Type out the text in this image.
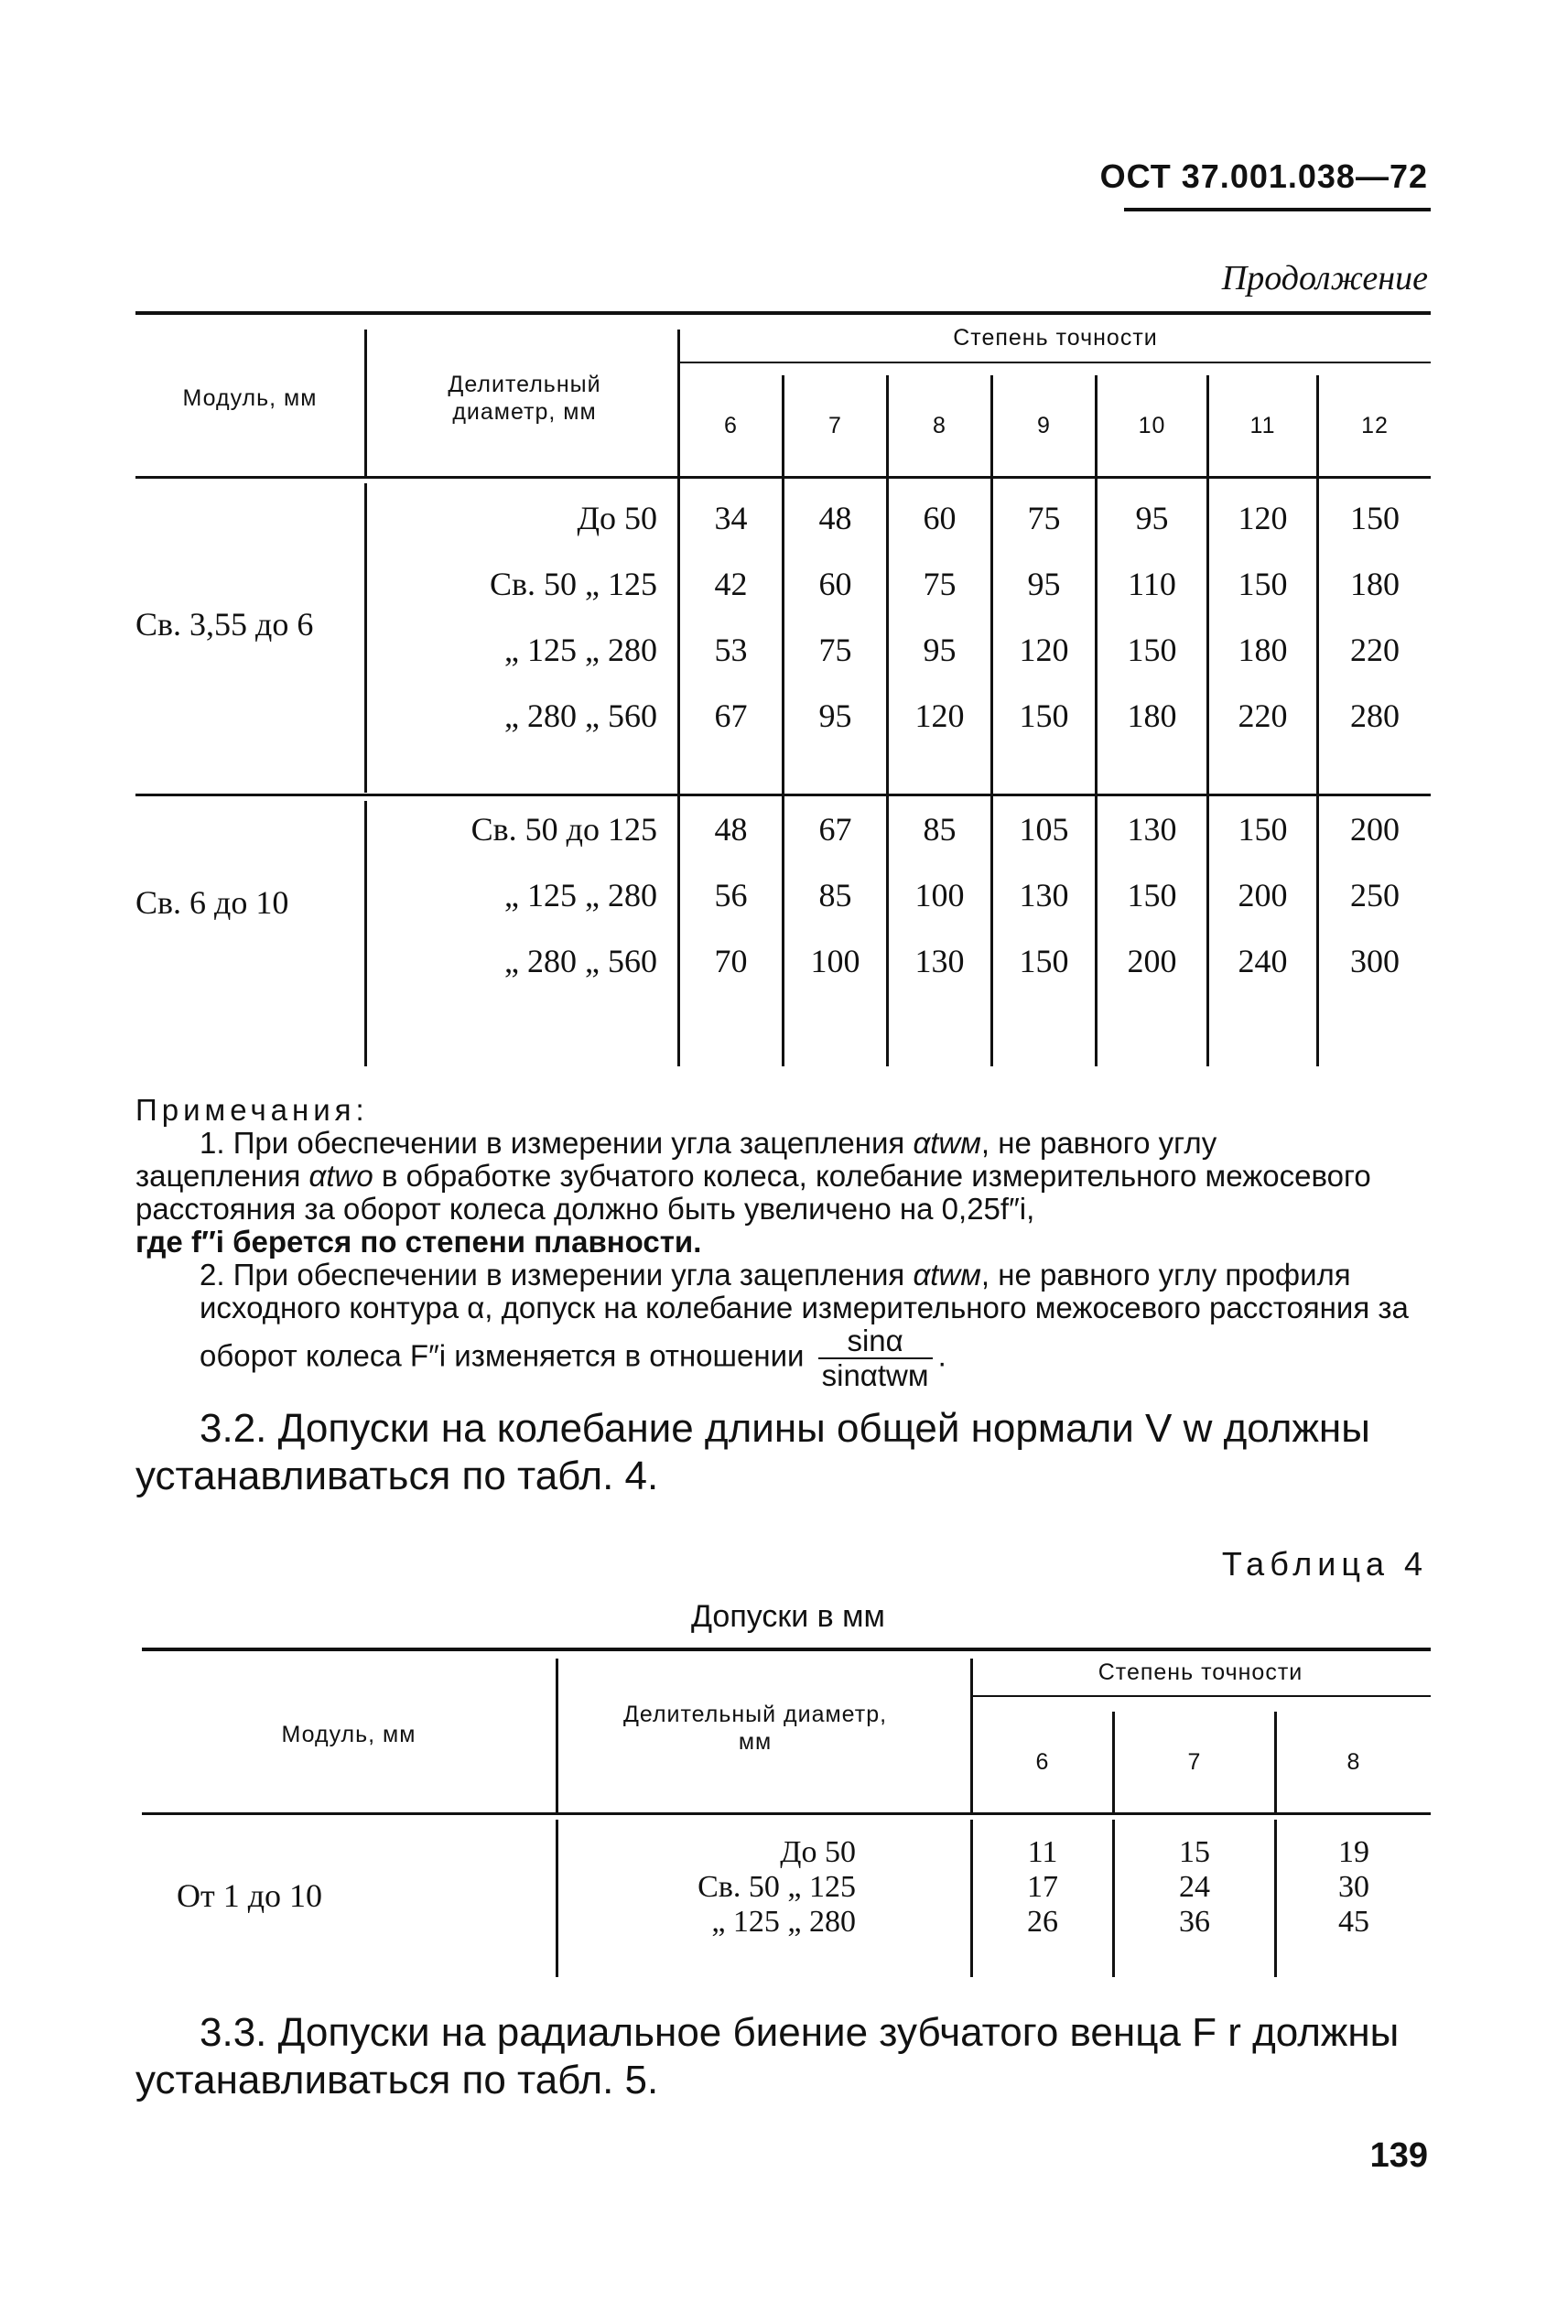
ОСТ 37.001.038—72
Продолжение
Модуль, мм
Делительный диаметр, мм
Степень точности
6	7	8	9	10	11	12
Св. 3,55 до 6
До 50	34	48	60	75	95	120	150
Св. 50 „ 125	42	60	75	95	110	150	180
„ 125 „ 280	53	75	95	120	150	180	220
„ 280 „ 560	67	95	120	150	180	220	280
Св. 6 до 10
Св. 50 до 125	48	67	85	105	130	150	200
„ 125 „ 280	56	85	100	130	150	200	250
„ 280 „ 560	70	100	130	150	200	240	300
Примечания:
1. При обеспечении в измерении угла зацепления αtwм, не равного углу
зацепления αtwo в обработке зубчатого колеса, колебание измерительного межосевого расстояния за оборот колеса должно быть увеличено на 0,25f″i,
где f″i берется по степени плавности.
2. При обеспечении в измерении угла зацепления αtwм, не равного углу профиля исходного контура α, допуск на колебание измерительного межосевого расстояния за оборот колеса F″i изменяется в отношении $\frac{\sin\alpha}{\text{sinαtwм}}$ .
3.2. Допуски на колебание длины общей нормали V w должны устанавливаться по табл. 4.
Таблица 4
Допуски в мм
Модуль, мм
Делительный диаметр, мм
Степень точности
6	7	8
От 1 до 10
До 50	11	15	19
Св. 50 „ 125	17	24	30
„ 125 „ 280	26	36	45
3.3. Допуски на радиальное биение зубчатого венца F r должны устанавливаться по табл. 5.
139
